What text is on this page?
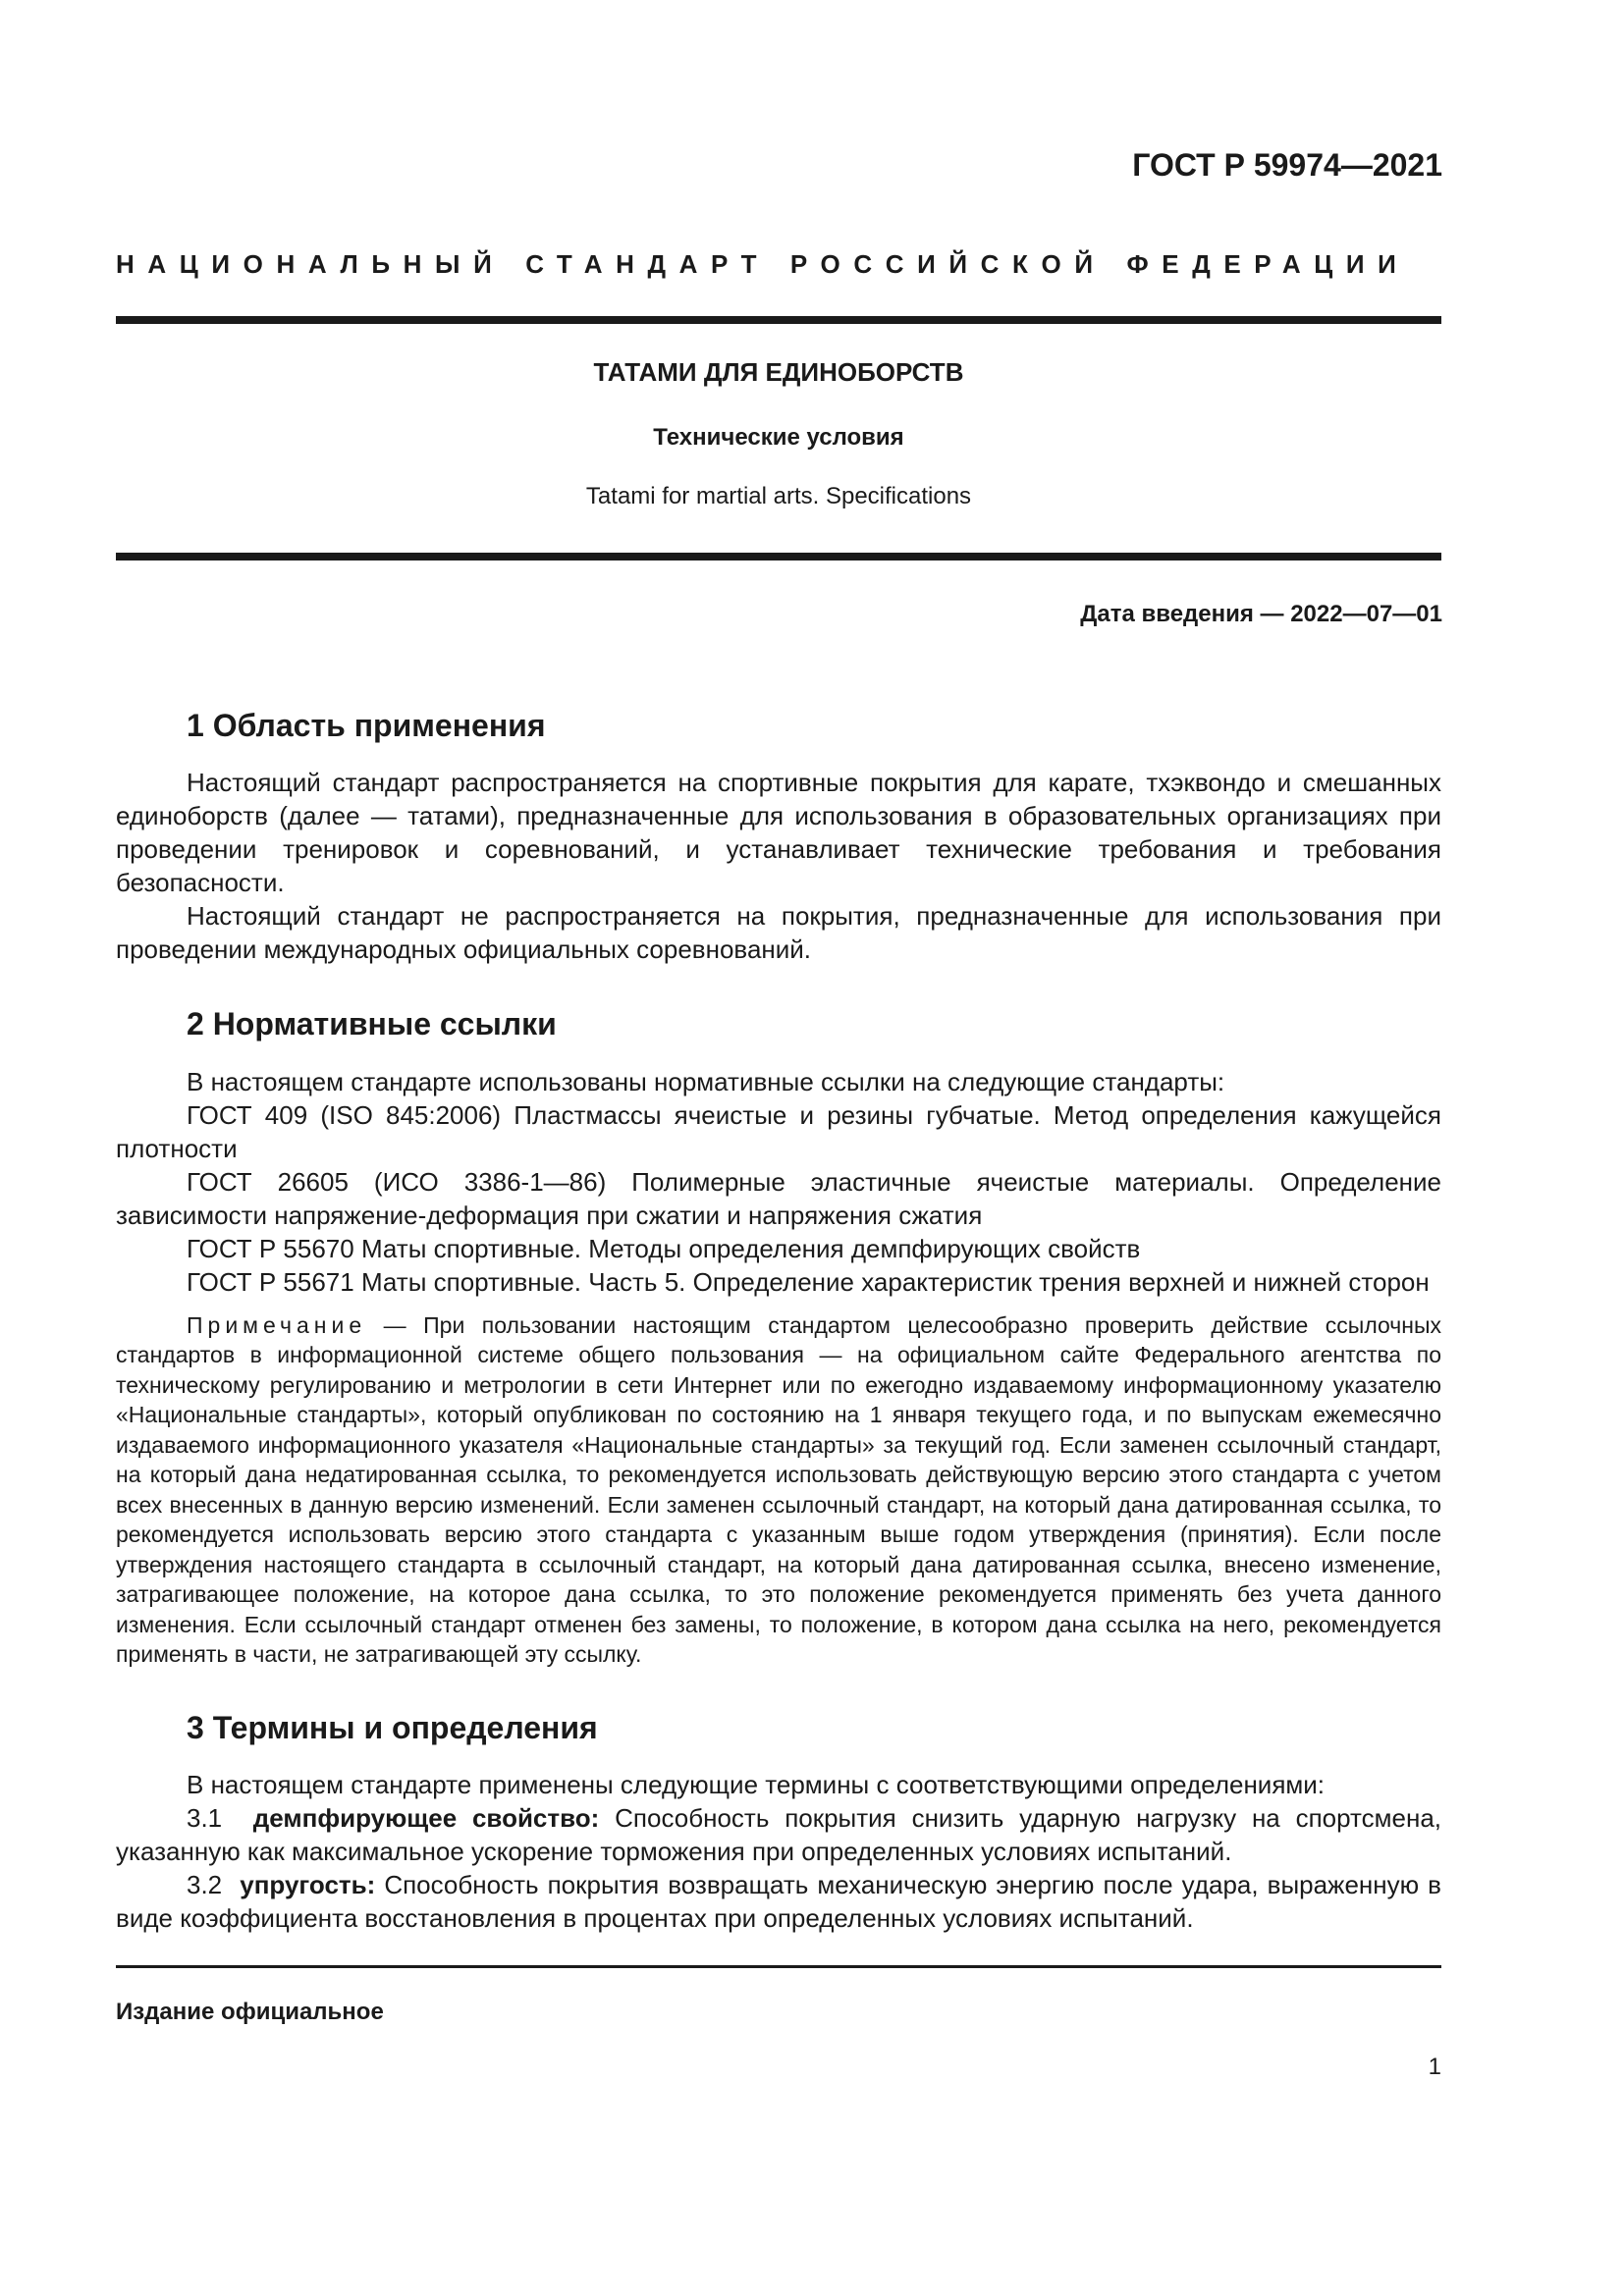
ГОСТ Р 59974—2021
НАЦИОНАЛЬНЫЙ СТАНДАРТ РОССИЙСКОЙ ФЕДЕРАЦИИ
ТАТАМИ ДЛЯ ЕДИНОБОРСТВ
Технические условия
Tatami for martial arts. Specifications
Дата введения — 2022—07—01
1 Область применения

Настоящий стандарт распространяется на спортивные покрытия для карате, тхэквондо и смешанных единоборств (далее — татами), предназначенные для использования в образовательных организациях при проведении тренировок и соревнований, и устанавливает технические требования и требования безопасности.

Настоящий стандарт не распространяется на покрытия, предназначенные для использования при проведении международных официальных соревнований.

2 Нормативные ссылки

В настоящем стандарте использованы нормативные ссылки на следующие стандарты:

ГОСТ 409 (ISO 845:2006) Пластмассы ячеистые и резины губчатые. Метод определения кажущейся плотности

ГОСТ 26605 (ИСО 3386-1—86) Полимерные эластичные ячеистые материалы. Определение зависимости напряжение-деформация при сжатии и напряжения сжатия

ГОСТ Р 55670 Маты спортивные. Методы определения демпфирующих свойств

ГОСТ Р 55671 Маты спортивные. Часть 5. Определение характеристик трения верхней и нижней сторон

Примечание — При пользовании настоящим стандартом целесообразно проверить действие ссылочных стандартов в информационной системе общего пользования — на официальном сайте Федерального агентства по техническому регулированию и метрологии в сети Интернет или по ежегодно издаваемому информационному указателю «Национальные стандарты», который опубликован по состоянию на 1 января текущего года, и по выпускам ежемесячно издаваемого информационного указателя «Национальные стандарты» за текущий год. Если заменен ссылочный стандарт, на который дана недатированная ссылка, то рекомендуется использовать действующую версию этого стандарта с учетом всех внесенных в данную версию изменений. Если заменен ссылочный стандарт, на который дана датированная ссылка, то рекомендуется использовать версию этого стандарта с указанным выше годом утверждения (принятия). Если после утверждения настоящего стандарта в ссылочный стандарт, на который дана датированная ссылка, внесено изменение, затрагивающее положение, на которое дана ссылка, то это положение рекомендуется применять без учета данного изменения. Если ссылочный стандарт отменен без замены, то положение, в котором дана ссылка на него, рекомендуется применять в части, не затрагивающей эту ссылку.

3 Термины и определения

В настоящем стандарте применены следующие термины с соответствующими определениями:

3.1 демпфирующее свойство: Способность покрытия снизить ударную нагрузку на спортсмена, указанную как максимальное ускорение торможения при определенных условиях испытаний.

3.2 упругость: Способность покрытия возвращать механическую энергию после удара, выраженную в виде коэффициента восстановления в процентах при определенных условиях испытаний.

Издание официальное
1
